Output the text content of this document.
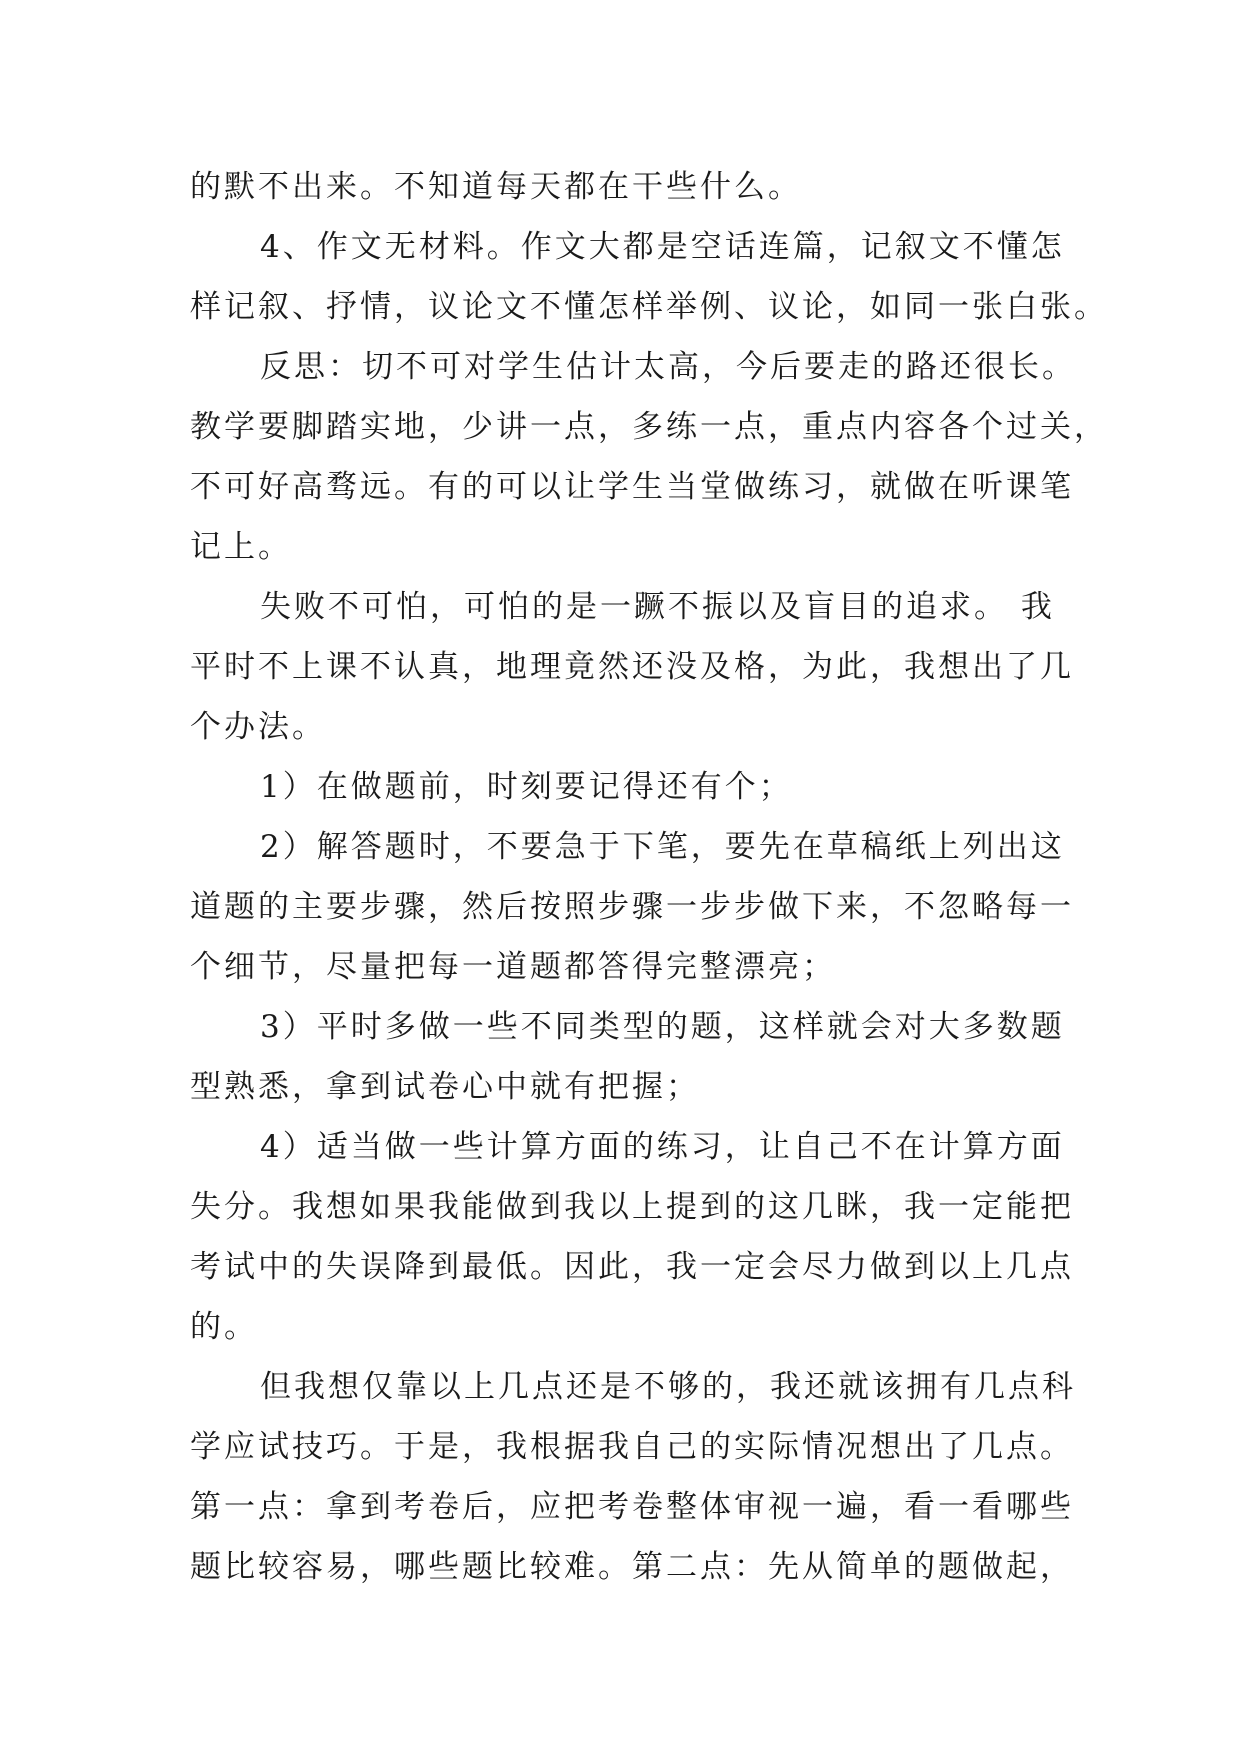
的默不出来。不知道每天都在干些什么。
4、作文无材料。作文大都是空话连篇，记叙文不懂怎
样记叙、抒情，议论文不懂怎样举例、议论，如同一张白张。
反思：切不可对学生估计太高，今后要走的路还很长。
教学要脚踏实地，少讲一点，多练一点，重点内容各个过关，
不可好高骛远。有的可以让学生当堂做练习，就做在听课笔
记上。
失败不可怕，可怕的是一蹶不振以及盲目的追求。 我
平时不上课不认真，地理竟然还没及格，为此，我想出了几
个办法。
1）在做题前，时刻要记得还有个；
2）解答题时，不要急于下笔，要先在草稿纸上列出这
道题的主要步骤，然后按照步骤一步步做下来，不忽略每一
个细节，尽量把每一道题都答得完整漂亮；
3）平时多做一些不同类型的题，这样就会对大多数题
型熟悉，拿到试卷心中就有把握；
4）适当做一些计算方面的练习，让自己不在计算方面
失分。我想如果我能做到我以上提到的这几眯，我一定能把
考试中的失误降到最低。因此，我一定会尽力做到以上几点
的。
但我想仅靠以上几点还是不够的，我还就该拥有几点科
学应试技巧。于是，我根据我自己的实际情况想出了几点。
第一点：拿到考卷后，应把考卷整体审视一遍，看一看哪些
题比较容易，哪些题比较难。第二点：先从简单的题做起，
